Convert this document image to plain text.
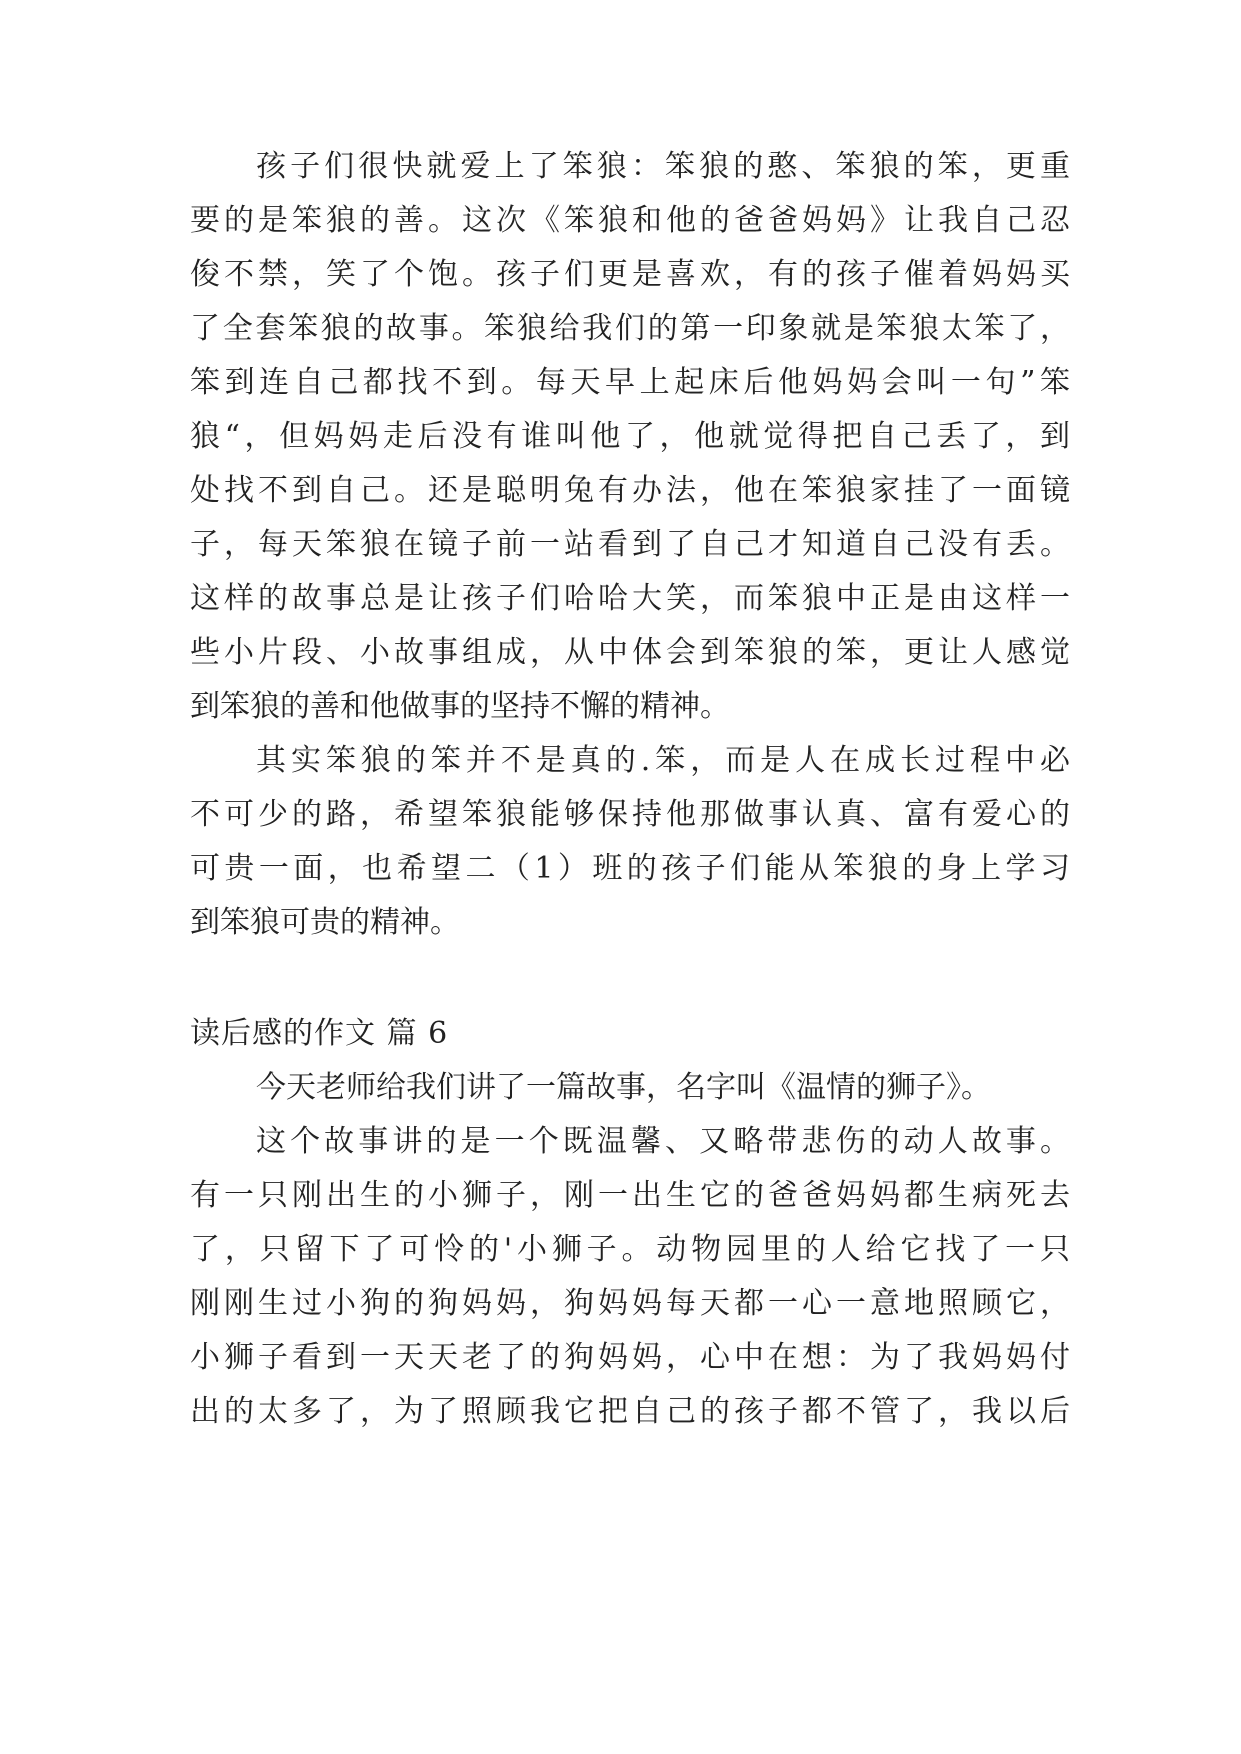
孩子们很快就爱上了笨狼：笨狼的憨、笨狼的笨，更重
要的是笨狼的善。这次《笨狼和他的爸爸妈妈》让我自己忍
俊不禁，笑了个饱。孩子们更是喜欢，有的孩子催着妈妈买
了全套笨狼的故事。笨狼给我们的第一印象就是笨狼太笨了，
笨到连自己都找不到。每天早上起床后他妈妈会叫一句”笨
狼“，但妈妈走后没有谁叫他了，他就觉得把自己丢了，到
处找不到自己。还是聪明兔有办法，他在笨狼家挂了一面镜
子，每天笨狼在镜子前一站看到了自己才知道自己没有丢。
这样的故事总是让孩子们哈哈大笑，而笨狼中正是由这样一
些小片段、小故事组成，从中体会到笨狼的笨，更让人感觉
到笨狼的善和他做事的坚持不懈的精神。
其实笨狼的笨并不是真的.笨，而是人在成长过程中必
不可少的路，希望笨狼能够保持他那做事认真、富有爱心的
可贵一面，也希望二（1）班的孩子们能从笨狼的身上学习
到笨狼可贵的精神。
读后感的作文 篇 6
今天老师给我们讲了一篇故事，名字叫《温情的狮子》。
这个故事讲的是一个既温馨、又略带悲伤的动人故事。
有一只刚出生的小狮子，刚一出生它的爸爸妈妈都生病死去
了，只留下了可怜的'小狮子。动物园里的人给它找了一只
刚刚生过小狗的狗妈妈，狗妈妈每天都一心一意地照顾它，
小狮子看到一天天老了的狗妈妈，心中在想：为了我妈妈付
出的太多了，为了照顾我它把自己的孩子都不管了，我以后
